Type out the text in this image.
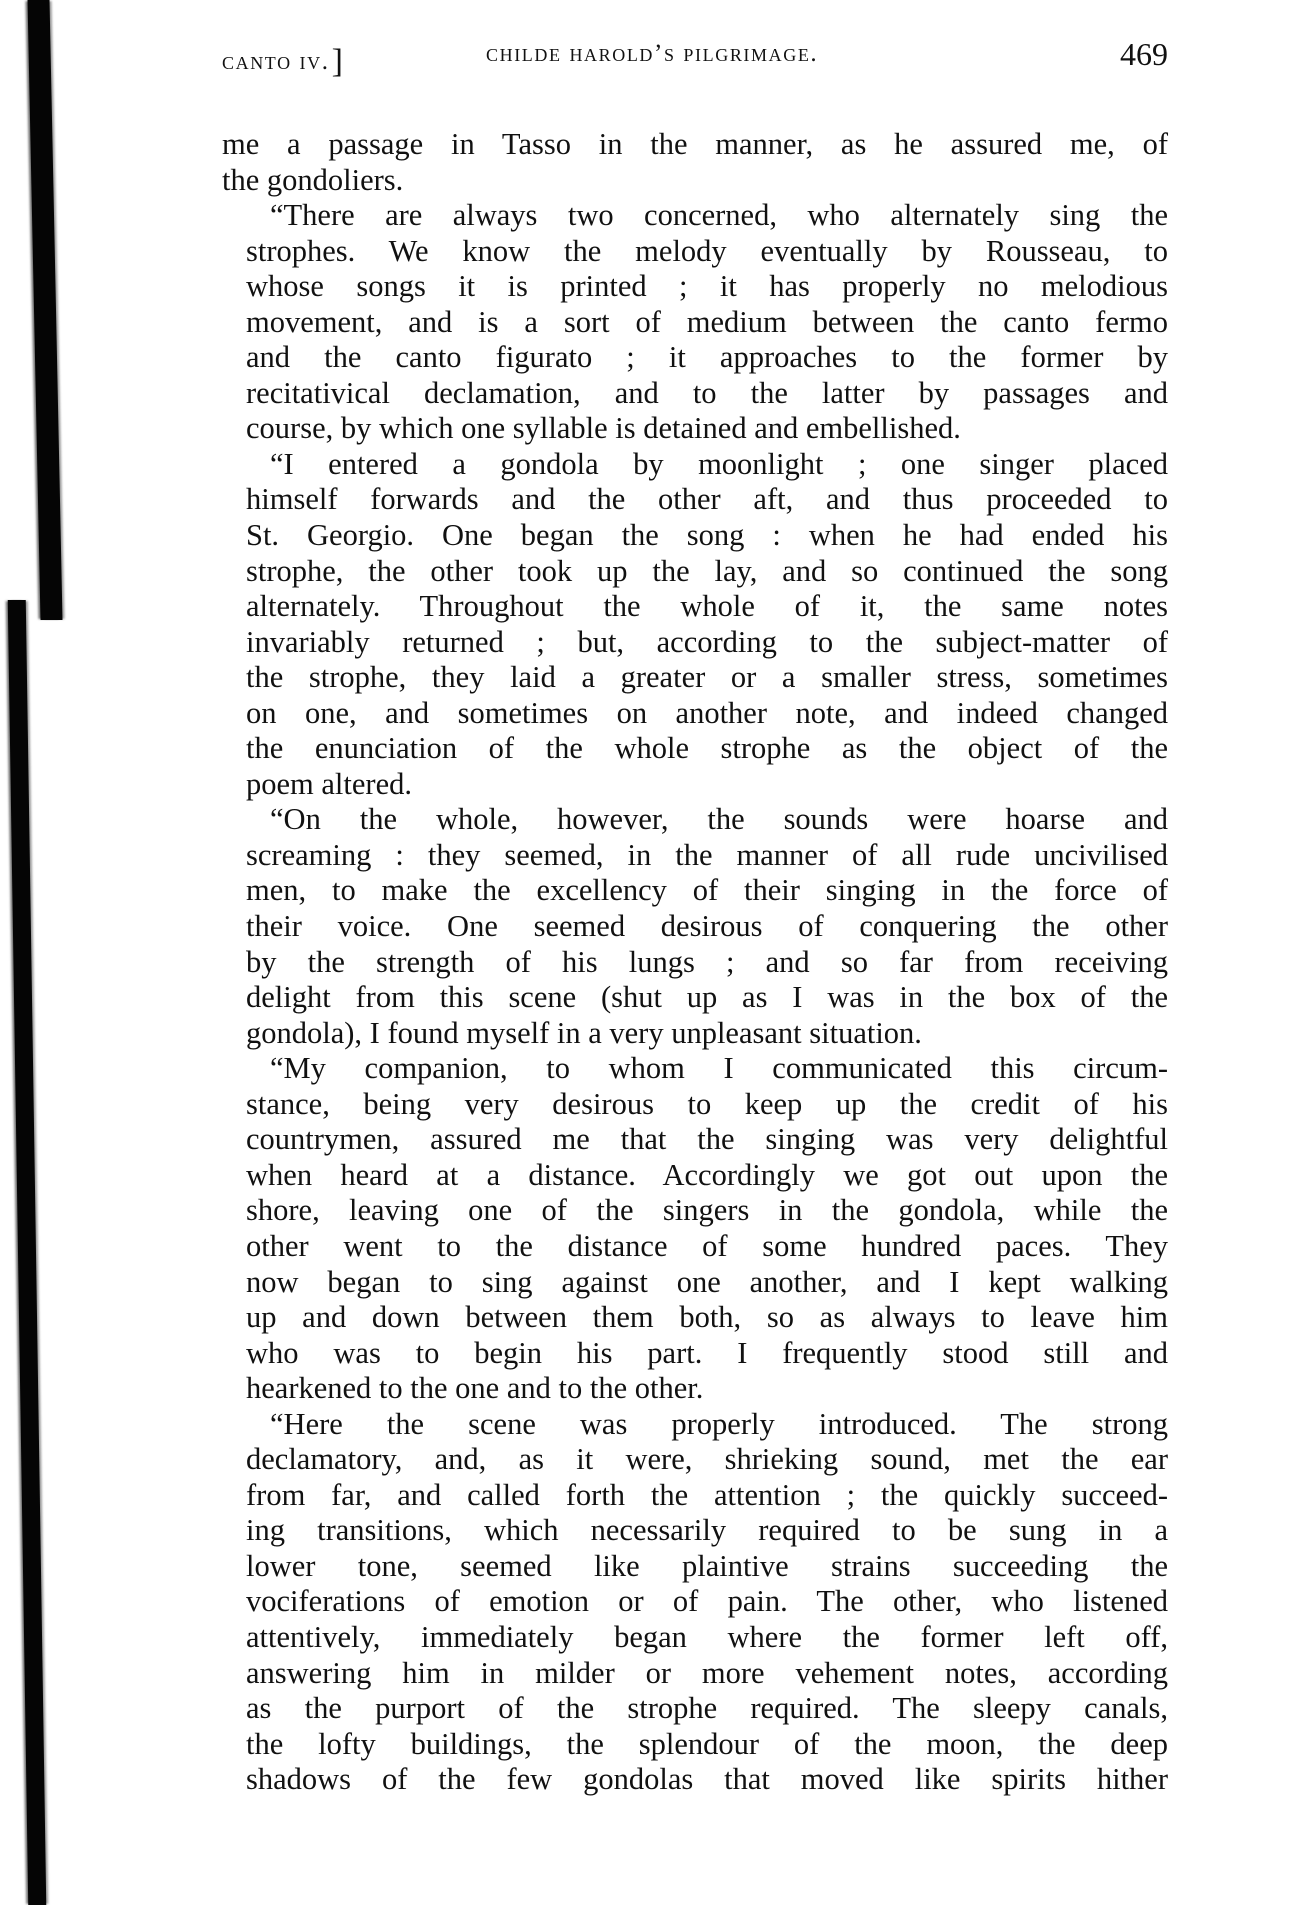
canto iv.]	childe harold’s pilgrimage.	469
me a passage in Tasso in the manner, as he assured me, of
the gondoliers.
“There are always two concerned, who alternately sing the
strophes. We know the melody eventually by Rousseau, to
whose songs it is printed ; it has properly no melodious
movement, and is a sort of medium between the canto fermo
and the canto figurato ; it approaches to the former by
recitativical declamation, and to the latter by passages and
course, by which one syllable is detained and embellished.
“I entered a gondola by moonlight ; one singer placed
himself forwards and the other aft, and thus proceeded to
St. Georgio. One began the song : when he had ended his
strophe, the other took up the lay, and so continued the song
alternately. Throughout the whole of it, the same notes
invariably returned ; but, according to the subject-matter of
the strophe, they laid a greater or a smaller stress, sometimes
on one, and sometimes on another note, and indeed changed
the enunciation of the whole strophe as the object of the
poem altered.
“On the whole, however, the sounds were hoarse and
screaming : they seemed, in the manner of all rude uncivilised
men, to make the excellency of their singing in the force of
their voice. One seemed desirous of conquering the other
by the strength of his lungs ; and so far from receiving
delight from this scene (shut up as I was in the box of the
gondola), I found myself in a very unpleasant situation.
“My companion, to whom I communicated this circum-
stance, being very desirous to keep up the credit of his
countrymen, assured me that the singing was very delightful
when heard at a distance. Accordingly we got out upon the
shore, leaving one of the singers in the gondola, while the
other went to the distance of some hundred paces. They
now began to sing against one another, and I kept walking
up and down between them both, so as always to leave him
who was to begin his part. I frequently stood still and
hearkened to the one and to the other.
“Here the scene was properly introduced. The strong
declamatory, and, as it were, shrieking sound, met the ear
from far, and called forth the attention ; the quickly succeed-
ing transitions, which necessarily required to be sung in a
lower tone, seemed like plaintive strains succeeding the
vociferations of emotion or of pain. The other, who listened
attentively, immediately began where the former left off,
answering him in milder or more vehement notes, according
as the purport of the strophe required. The sleepy canals,
the lofty buildings, the splendour of the moon, the deep
shadows of the few gondolas that moved like spirits hither
